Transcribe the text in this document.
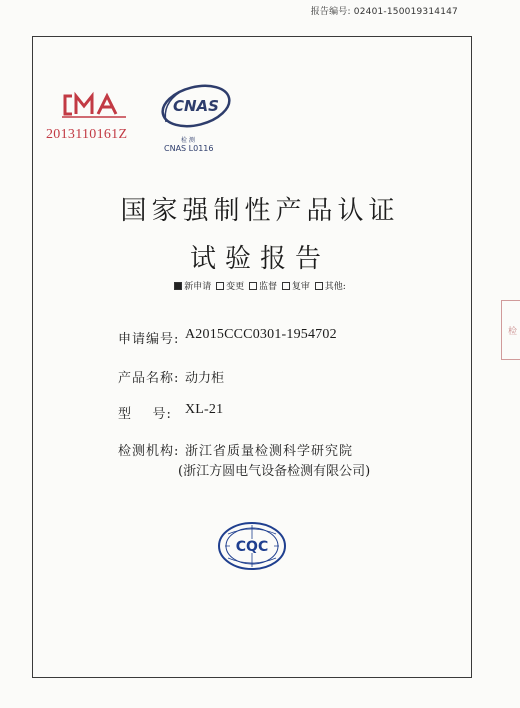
报告编号: 02401-150019314147
2013110161Z
CNAS
检 测
CNAS L0116
国家强制性产品认证
试验报告
新申请 变更 监督 复审 其他:
申请编号: A2015CCC0301-1954702
产品名称: 动力柜
型    号: XL-21
检测机构: 浙江省质量检测科学研究院
(浙江方圆电气设备检测有限公司)
CQC
检
